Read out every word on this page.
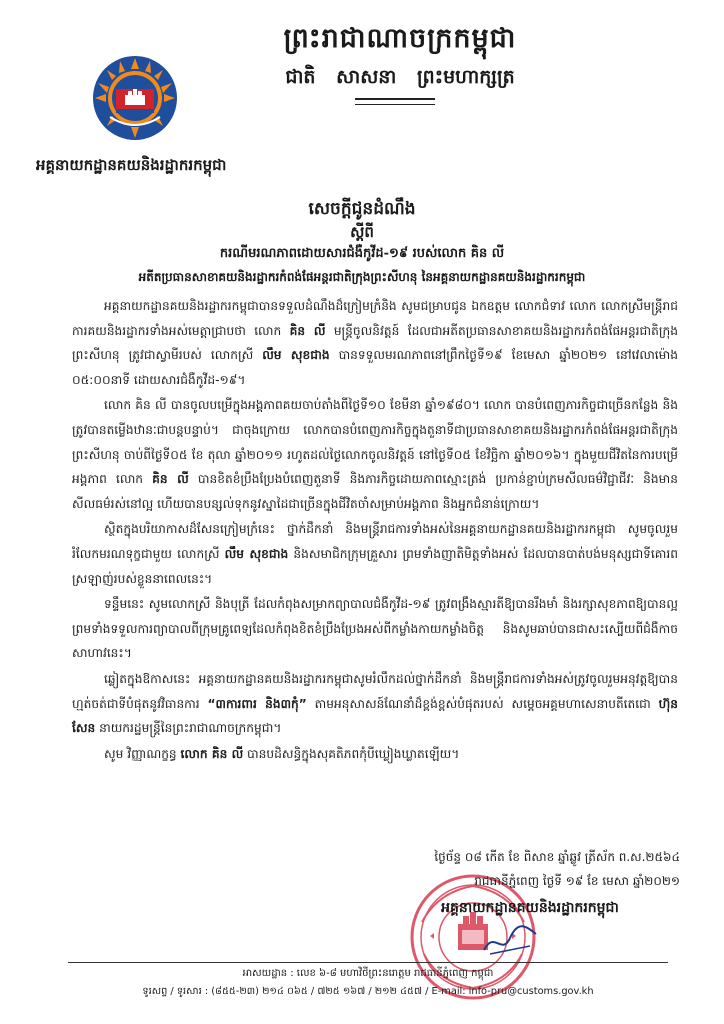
ព្រះរាជាណាចក្រកម្ពុជា
ជាតិ សាសនា ព្រះមហាក្សត្រ
អគ្គនាយកដ្ឋានគយនិងរដ្ឋាករកម្ពុជា
សេចក្ដីជូនដំណឹង
ស្ដីពី
ករណីមរណភាពដោយសារជំងឺកូវីដ-១៩ របស់លោក គិន លី
អតីតប្រធានសាខាគយនិងរដ្ឋាករកំពង់ផែអន្តរជាតិក្រុងព្រះសីហនុ នៃអគ្គនាយកដ្ឋានគយនិងរដ្ឋាករកម្ពុជា

អគ្គនាយកដ្ឋានគយនិងរដ្ឋាករកម្ពុជាបានទទួលដំណឹងដ៏ក្រៀមក្រំនិង សូមជម្រាបជូន ឯកឧត្តម លោកជំទាវ លោក លោកស្រីមន្ត្រីរាជការគយនិងរដ្ឋាករទាំងអស់មេត្តាជ្រាបថា លោក គិន លី មន្ត្រីចូលនិវត្តន៍ ដែលជាអតីតប្រធានសាខាគយនិងរដ្ឋាករកំពង់ផែអន្តរជាតិក្រុងព្រះសីហនុ ត្រូវជាស្វាមីរបស់ លោកស្រី លឹម សុខជាង បានទទួលមរណភាពនៅព្រឹកថ្ងៃទី១៩ ខែមេសា ឆ្នាំ២០២១ នៅវេលាម៉ោង ០៥:០០នាទី ដោយសារជំងឺកូវីដ-១៩។

លោក គិន លី បានចូលបម្រើក្នុងអង្គភាពគយចាប់តាំងពីថ្ងៃទី១០ ខែមីនា ឆ្នាំ១៩៨០។ លោក បានបំពេញភារកិច្ចជាច្រើនកន្លែង និងត្រូវបានតម្លើងឋានៈជាបន្តបន្ទាប់។ ជាចុងក្រោយ លោកបានបំពេញភារកិច្ចក្នុងតួនាទីជាប្រធានសាខាគយនិងរដ្ឋាករកំពង់ផែអន្តរជាតិក្រុងព្រះសីហនុ ចាប់ពីថ្ងៃទី០៥ ខែ តុលា ឆ្នាំ២០១១ រហូតដល់ថ្ងៃលោកចូលនិវត្តន៍ នៅថ្ងៃទី០៥ ខែវិច្ឆិកា ឆ្នាំ២០១៦។ ក្នុងមួយជីវិតនៃការបម្រើអង្គភាព លោក គិន លី បានខិតខំប្រឹងប្រែងបំពេញតួនាទី និងភារកិច្ចដោយភាពស្មោះត្រង់ ប្រកាន់ខ្ជាប់ក្រមសីលធម៌វិជ្ជាជីវៈ និងមានសីលធម៌រស់នៅល្អ ហើយបានបន្សល់ទុកនូវស្នាដៃជាច្រើនក្នុងជីវិតចាំសម្រាប់អង្គភាព និងអ្នកជំនាន់ក្រោយ។

ស្ថិតក្នុងបរិយាកាសដ៏សែនក្រៀមក្រំនេះ ថ្នាក់ដឹកនាំ និងមន្ត្រីរាជការទាំងអស់នៃអគ្គនាយកដ្ឋានគយនិងរដ្ឋាករកម្ពុជា សូមចូលរួមរំលែកមរណទុក្ខជាមួយ លោកស្រី លឹម សុខជាង និងសមាជិកក្រុមគ្រួសារ ព្រមទាំងញាតិមិត្តទាំងអស់ ដែលបានបាត់បង់មនុស្សជាទីគោរពស្រឡាញ់របស់ខ្លួននាពេលនេះ។

ទន្ទឹមនេះ សូមលោកស្រី និងបុត្រី ដែលកំពុងសម្រាកព្យាបាលជំងឺកូវីដ-១៩ ត្រូវពង្រឹងស្មារតីឱ្យបានរឹងមាំ និងរក្សាសុខភាពឱ្យបានល្អ ព្រមទាំងទទួលការព្យាបាលពីក្រុមគ្រូពេទ្យដែលកំពុងខិតខំប្រឹងប្រែងអស់ពីកម្លាំងកាយកម្លាំងចិត្ត និងសូមឆាប់បានជាសះស្បើយពីជំងឺកាចសាហាវនេះ។

ឆ្លៀតក្នុងឱកាសនេះ អគ្គនាយកដ្ឋានគយនិងរដ្ឋាករកម្ពុជាសូមរំលឹកដល់ថ្នាក់ដឹកនាំ និងមន្ត្រីរាជការទាំងអស់ត្រូវចូលរួមអនុវត្តឱ្យបានហ្មត់ចត់ជាទីបំផុតនូវវិធានការ “៣ការពារ និង៣កុំ” តាមអនុសាសន៍ណែនាំដ៏ខ្ពង់ខ្ពស់បំផុតរបស់ សម្ដេចអគ្គមហាសេនាបតីតេជោ ហ៊ុន សែន នាយករដ្ឋមន្ត្រីនៃព្រះរាជាណាចក្រកម្ពុជា។

សូម វិញ្ញាណក្ខន្ធ លោក គិន លី បានបដិសន្ធិក្នុងសុគតិភពកុំបីឃ្លៀងឃ្លាតឡើយ។

ថ្ងៃច័ន្ទ ០៨ កើត ខែ ពិសាខ ឆ្នាំឆ្លូវ ត្រីស័ក ព.ស.២៥៦៤
រាជធានីភ្នំពេញ ថ្ងៃទី ១៩ ខែ មេសា ឆ្នាំ២០២១
អគ្គនាយកដ្ឋានគយនិងរដ្ឋាករកម្ពុជា
អាសយដ្ឋាន : លេខ ៦-៨ មហាវិថីព្រះនរោត្តម រាជធានីភ្នំពេញ កម្ពុជា
ទូរសព្ទ / ទូរសារ : (៨៥៥-២៣) ២១៤ ០៦៥ / ៧២៥ ១៦៧ / ២១២ ៤៥៧ / E-mail: info-pru@customs.gov.kh
